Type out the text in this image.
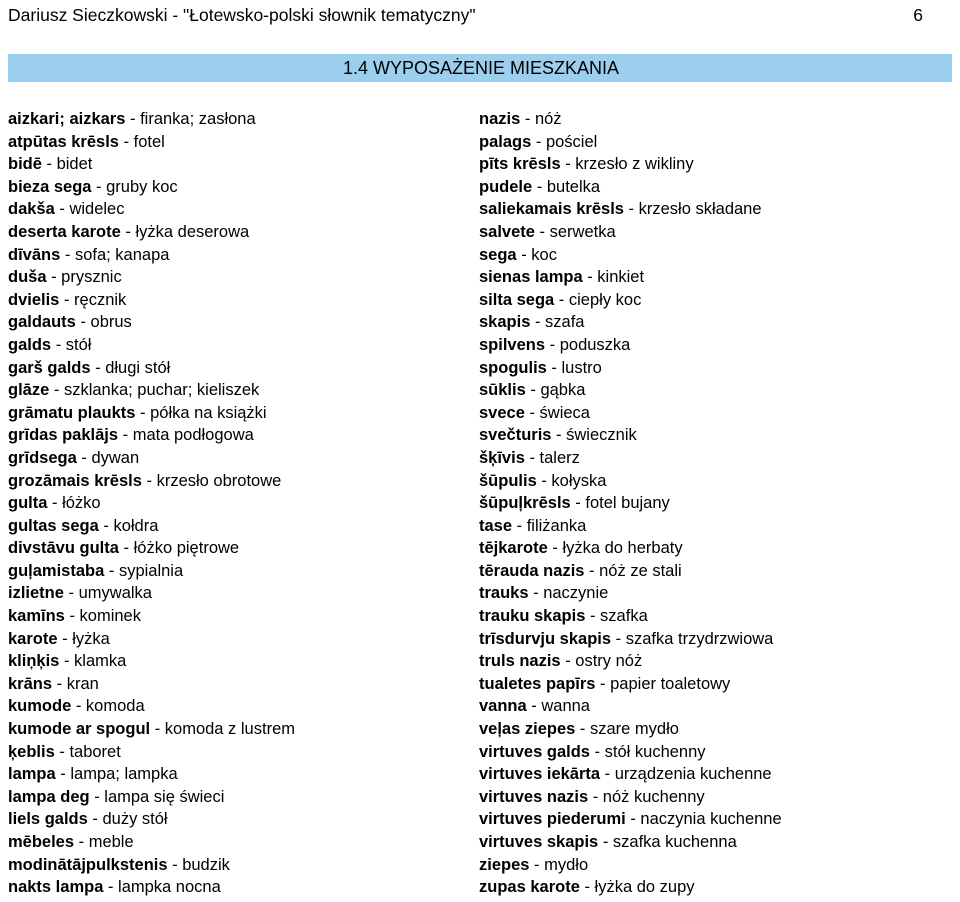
Dariusz Sieczkowski - "Łotewsko-polski słownik tematyczny"	6
1.4 WYPOSAŻENIE MIESZKANIA
aizkari; aizkars - firanka; zasłona
atpūtas krēsls - fotel
bidē - bidet
bieza sega - gruby koc
dakša - widelec
deserta karote - łyżka deserowa
dīvāns - sofa; kanapa
duša - prysznic
dvielis - ręcznik
galdauts - obrus
galds - stół
garš galds - długi stół
glāze - szklanka; puchar; kieliszek
grāmatu plaukts - półka na książki
grīdas paklājs - mata podłogowa
grīdsega - dywan
grozāmais krēsls - krzesło obrotowe
gulta - łóżko
gultas sega - kołdra
divstāvu gulta - łóżko piętrowe
guļamistaba - sypialnia
izlietne - umywalka
kamīns - kominek
karote - łyżka
kliņķis - klamka
krāns - kran
kumode - komoda
kumode ar spogul - komoda z lustrem
ķeblis - taboret
lampa - lampa; lampka
lampa deg - lampa się świeci
liels galds - duży stół
mēbeles - meble
modinātājpulkstenis - budzik
nakts lampa - lampka nocna
nazis - nóż
palags - pościel
pīts krēsls - krzesło z wikliny
pudele - butelka
saliekamais krēsls - krzesło składane
salvete - serwetka
sega - koc
sienas lampa - kinkiet
silta sega - ciepły koc
skapis - szafa
spilvens - poduszka
spogulis - lustro
sūklis - gąbka
svece - świeca
svečturis - świecznik
šķīvis - talerz
šūpulis - kołyska
šūpuļkrēsls - fotel bujany
tase - filiżanka
tējkarote - łyżka do herbaty
tērauda nazis - nóż ze stali
trauks - naczynie
trauku skapis - szafka
trīsdurvju skapis - szafka trzydrzwiowa
truls nazis - ostry nóż
tualetes papīrs - papier toaletowy
vanna - wanna
veļas ziepes - szare mydło
virtuves galds - stół kuchenny
virtuves iekārta - urządzenia kuchenne
virtuves nazis - nóż kuchenny
virtuves piederumi - naczynia kuchenne
virtuves skapis - szafka kuchenna
ziepes - mydło
zupas karote - łyżka do zupy
